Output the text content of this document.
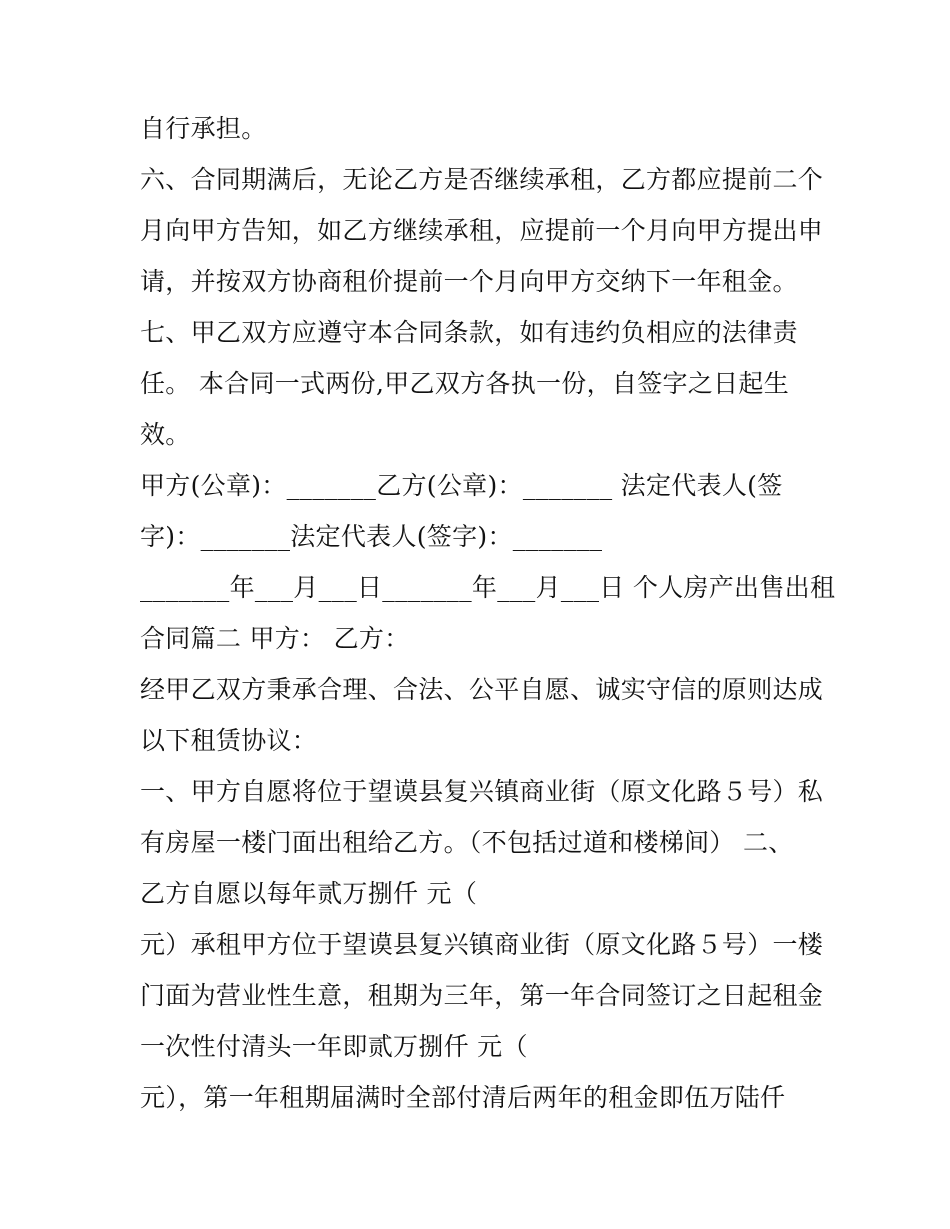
自行承担。
六、合同期满后，无论乙方是否继续承租，乙方都应提前二个
月向甲方告知，如乙方继续承租，应提前一个月向甲方提出申
请，并按双方协商租价提前一个月向甲方交纳下一年租金。
七、甲乙双方应遵守本合同条款，如有违约负相应的法律责
任。 本合同一式两份,甲乙双方各执一份，自签字之日起生
效。
甲方(公章)：_______乙方(公章)：_______ 法定代表人(签
字)：_______法定代表人(签字)：_______
_______年___月___日_______年___月___日 个人房产出售出租
合同篇二 甲方： 乙方：
经甲乙双方秉承合理、合法、公平自愿、诚实守信的原则达成
以下租赁协议：
一、甲方自愿将位于望谟县复兴镇商业街（原文化路５号）私
有房屋一楼门面出租给乙方。（不包括过道和楼梯间） 二、
乙方自愿以每年贰万捌仟 元（
元）承租甲方位于望谟县复兴镇商业街（原文化路５号）一楼
门面为营业性生意，租期为三年，第一年合同签订之日起租金
一次性付清头一年即贰万捌仟 元（
元），第一年租期届满时全部付清后两年的租金即伍万陆仟
